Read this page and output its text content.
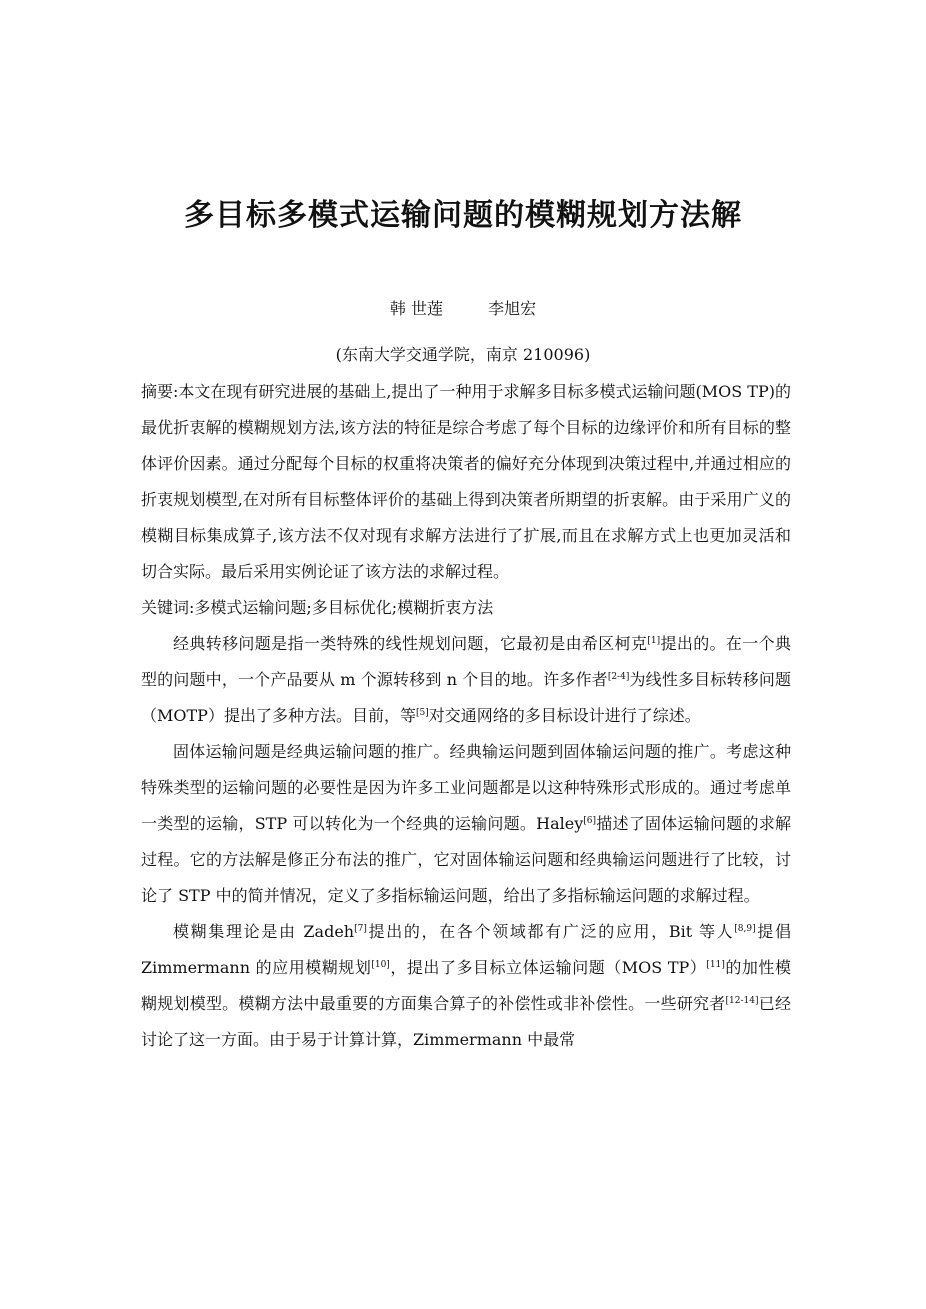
多目标多模式运输问题的模糊规划方法解
韩 世莲	李旭宏
(东南大学交通学院，南京 210096)

摘要:本文在现有研究进展的基础上,提出了一种用于求解多目标多模式运输问题(MOS TP)的最优折衷解的模糊规划方法,该方法的特征是综合考虑了每个目标的边缘评价和所有目标的整体评价因素。通过分配每个目标的权重将决策者的偏好充分体现到决策过程中,并通过相应的折衷规划模型,在对所有目标整体评价的基础上得到决策者所期望的折衷解。由于采用广义的模糊目标集成算子,该方法不仅对现有求解方法进行了扩展,而且在求解方式上也更加灵活和切合实际。最后采用实例论证了该方法的求解过程。

关键词:多模式运输问题;多目标优化;模糊折衷方法

经典转移问题是指一类特殊的线性规划问题，它最初是由希区柯克[1]提出的。在一个典型的问题中，一个产品要从 m 个源转移到 n 个目的地。许多作者[2-4]为线性多目标转移问题（MOTP）提出了多种方法。目前，等[5]对交通网络的多目标设计进行了综述。

固体运输问题是经典运输问题的推广。经典输运问题到固体输运问题的推广。考虑这种特殊类型的运输问题的必要性是因为许多工业问题都是以这种特殊形式形成的。通过考虑单一类型的运输，STP 可以转化为一个经典的运输问题。Haley[6]描述了固体运输问题的求解过程。它的方法解是修正分布法的推广，它对固体输运问题和经典输运问题进行了比较，讨论了 STP 中的简并情况，定义了多指标输运问题，给出了多指标输运问题的求解过程。

模糊集理论是由 Zadeh[7]提出的，在各个领域都有广泛的应用，Bit 等人[8,9]提倡 Zimmermann 的应用模糊规划[10]，提出了多目标立体运输问题（MOS TP）[11]的加性模糊规划模型。模糊方法中最重要的方面集合算子的补偿性或非补偿性。一些研究者[12-14]已经讨论了这一方面。由于易于计算计算，Zimmermann 中最常
